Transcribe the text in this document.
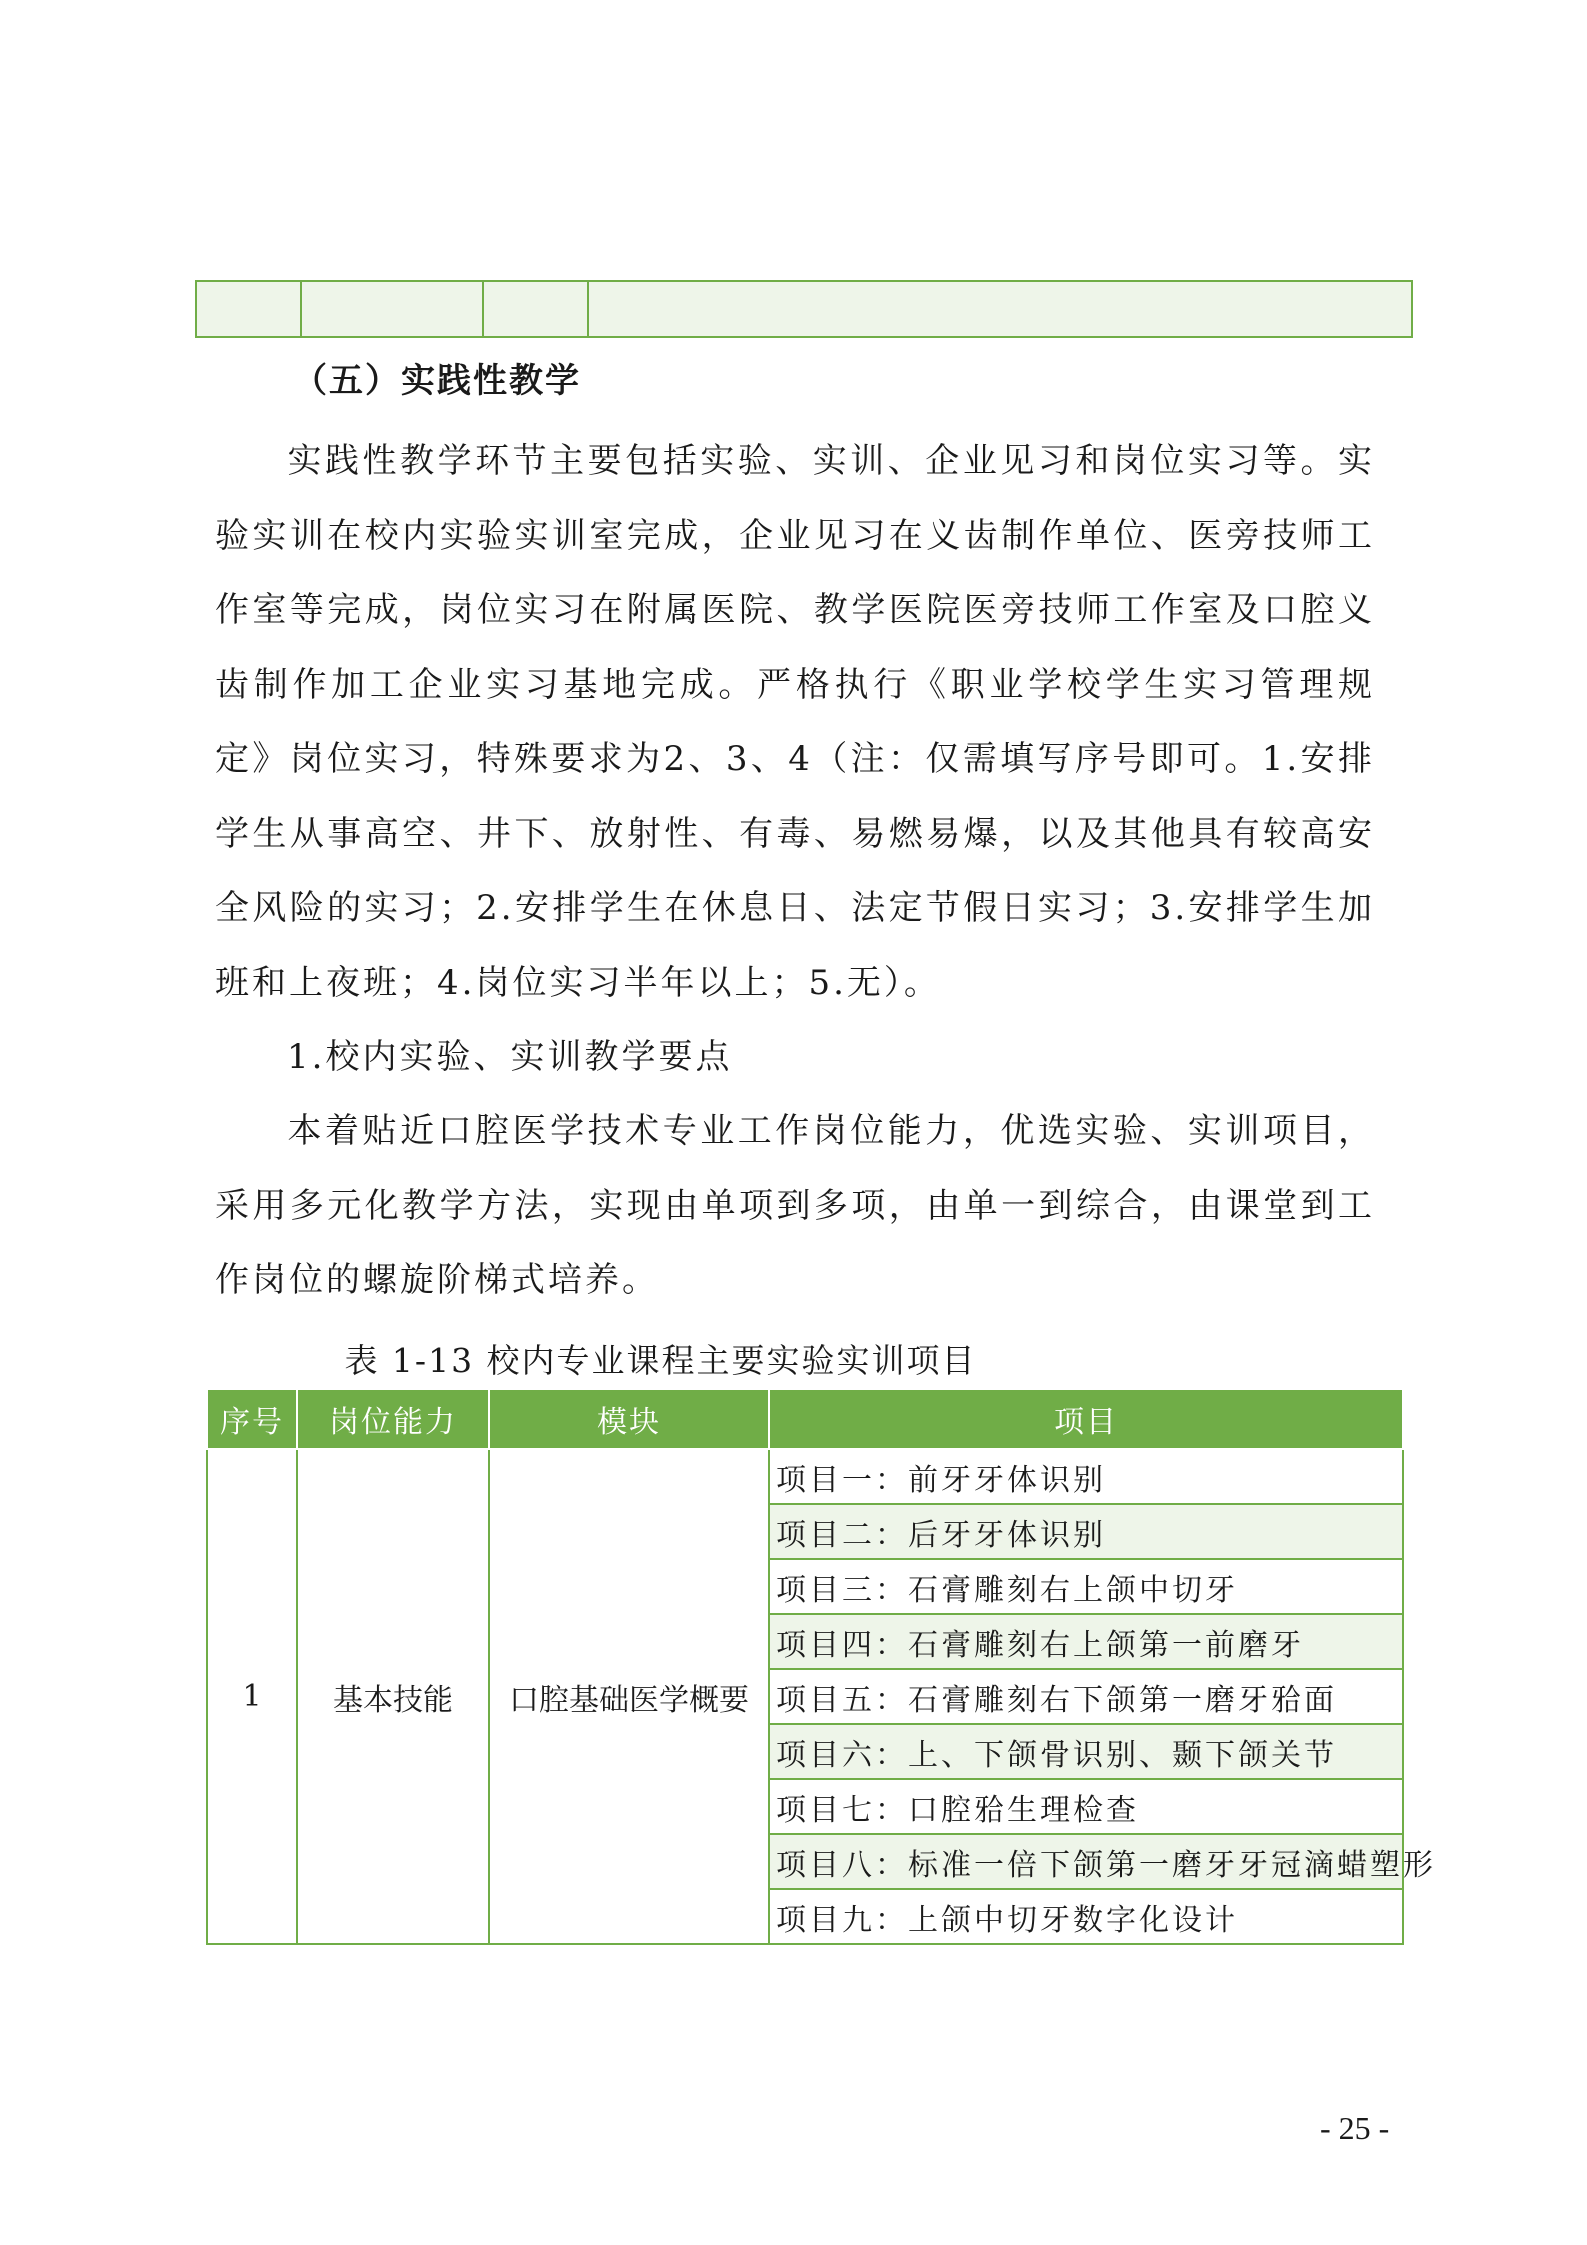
（五）实践性教学

实践性教学环节主要包括实验、实训、企业见习和岗位实习等。实验实训在校内实验实训室完成，企业见习在义齿制作单位、医旁技师工作室等完成，岗位实习在附属医院、教学医院医旁技师工作室及口腔义齿制作加工企业实习基地完成。严格执行《职业学校学生实习管理规定》岗位实习，特殊要求为2、3、4（注：仅需填写序号即可。1.安排学生从事高空、井下、放射性、有毒、易燃易爆，以及其他具有较高安全风险的实习；2.安排学生在休息日、法定节假日实习；3.安排学生加班和上夜班；4.岗位实习半年以上；5.无）。

1.校内实验、实训教学要点

本着贴近口腔医学技术专业工作岗位能力，优选实验、实训项目，采用多元化教学方法，实现由单项到多项，由单一到综合，由课堂到工作岗位的螺旋阶梯式培养。

表 1-13 校内专业课程主要实验实训项目
序号	岗位能力	模块	项目
1	基本技能	口腔基础医学概要	项目一：前牙牙体识别
			项目二：后牙牙体识别
			项目三：石膏雕刻右上颌中切牙
			项目四：石膏雕刻右上颌第一前磨牙
			项目五：石膏雕刻右下颌第一磨牙𬌗面
			项目六：上、下颌骨识别、颞下颌关节
			项目七：口腔𬌗生理检查
			项目八：标准一倍下颌第一磨牙牙冠滴蜡塑形
			项目九：上颌中切牙数字化设计
- 25 -
